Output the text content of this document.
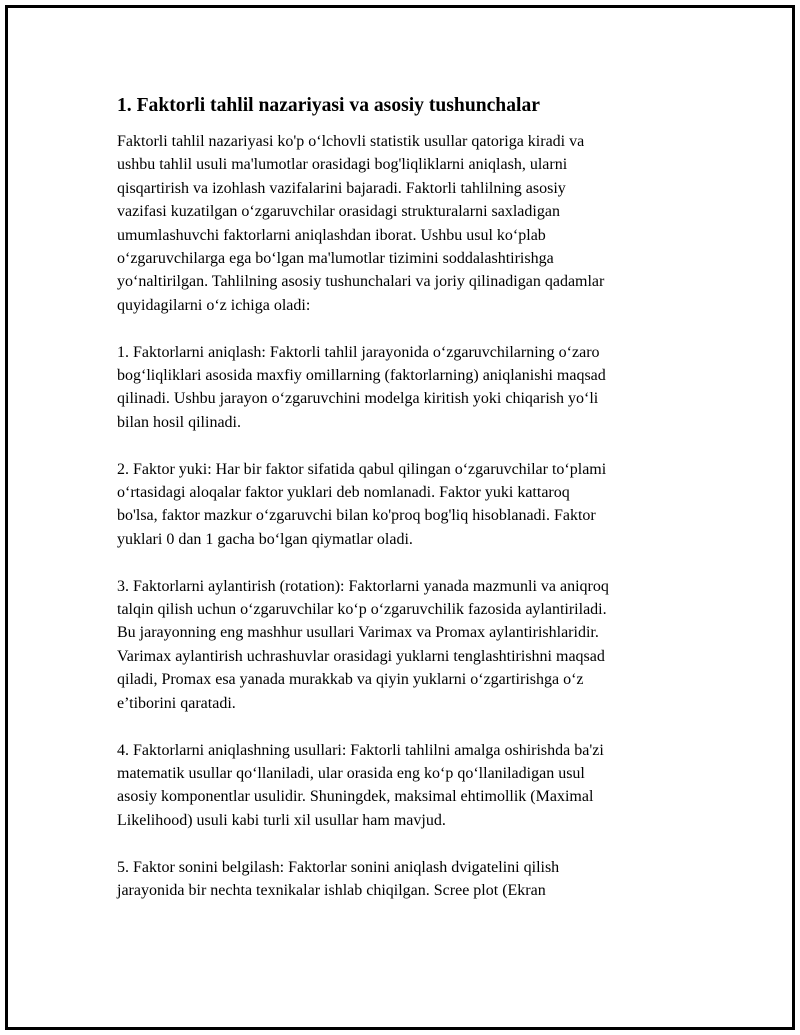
1. Faktorli tahlil nazariyasi va asosiy tushunchalar
Faktorli tahlil nazariyasi ko'p o‘lchovli statistik usullar qatoriga kiradi va
ushbu tahlil usuli ma'lumotlar orasidagi bog'liqliklarni aniqlash, ularni
qisqartirish va izohlash vazifalarini bajaradi. Faktorli tahlilning asosiy
vazifasi kuzatilgan o‘zgaruvchilar orasidagi strukturalarni saxladigan
umumlashuvchi faktorlarni aniqlashdan iborat. Ushbu usul ko‘plab
o‘zgaruvchilarga ega bo‘lgan ma'lumotlar tizimini soddalashtirishga
yo‘naltirilgan. Tahlilning asosiy tushunchalari va joriy qilinadigan qadamlar
quyidagilarni o‘z ichiga oladi:
1. Faktorlarni aniqlash: Faktorli tahlil jarayonida o‘zgaruvchilarning o‘zaro
bog‘liqliklari asosida maxfiy omillarning (faktorlarning) aniqlanishi maqsad
qilinadi. Ushbu jarayon o‘zgaruvchini modelga kiritish yoki chiqarish yo‘li
bilan hosil qilinadi.
2. Faktor yuki: Har bir faktor sifatida qabul qilingan o‘zgaruvchilar to‘plami
o‘rtasidagi aloqalar faktor yuklari deb nomlanadi. Faktor yuki kattaroq
bo'lsa, faktor mazkur o‘zgaruvchi bilan ko'proq bog'liq hisoblanadi. Faktor
yuklari 0 dan 1 gacha bo‘lgan qiymatlar oladi.
3. Faktorlarni aylantirish (rotation): Faktorlarni yanada mazmunli va aniqroq
talqin qilish uchun o‘zgaruvchilar ko‘p o‘zgaruvchilik fazosida aylantiriladi.
Bu jarayonning eng mashhur usullari Varimax va Promax aylantirishlaridir.
Varimax aylantirish uchrashuvlar orasidagi yuklarni tenglashtirishni maqsad
qiladi, Promax esa yanada murakkab va qiyin yuklarni o‘zgartirishga o‘z
e’tiborini qaratadi.
4. Faktorlarni aniqlashning usullari: Faktorli tahlilni amalga oshirishda ba'zi
matematik usullar qo‘llaniladi, ular orasida eng ko‘p qo‘llaniladigan usul
asosiy komponentlar usulidir. Shuningdek, maksimal ehtimollik (Maximal
Likelihood) usuli kabi turli xil usullar ham mavjud.
5. Faktor sonini belgilash: Faktorlar sonini aniqlash dvigatelini qilish
jarayonida bir nechta texnikalar ishlab chiqilgan. Scree plot (Ekran
